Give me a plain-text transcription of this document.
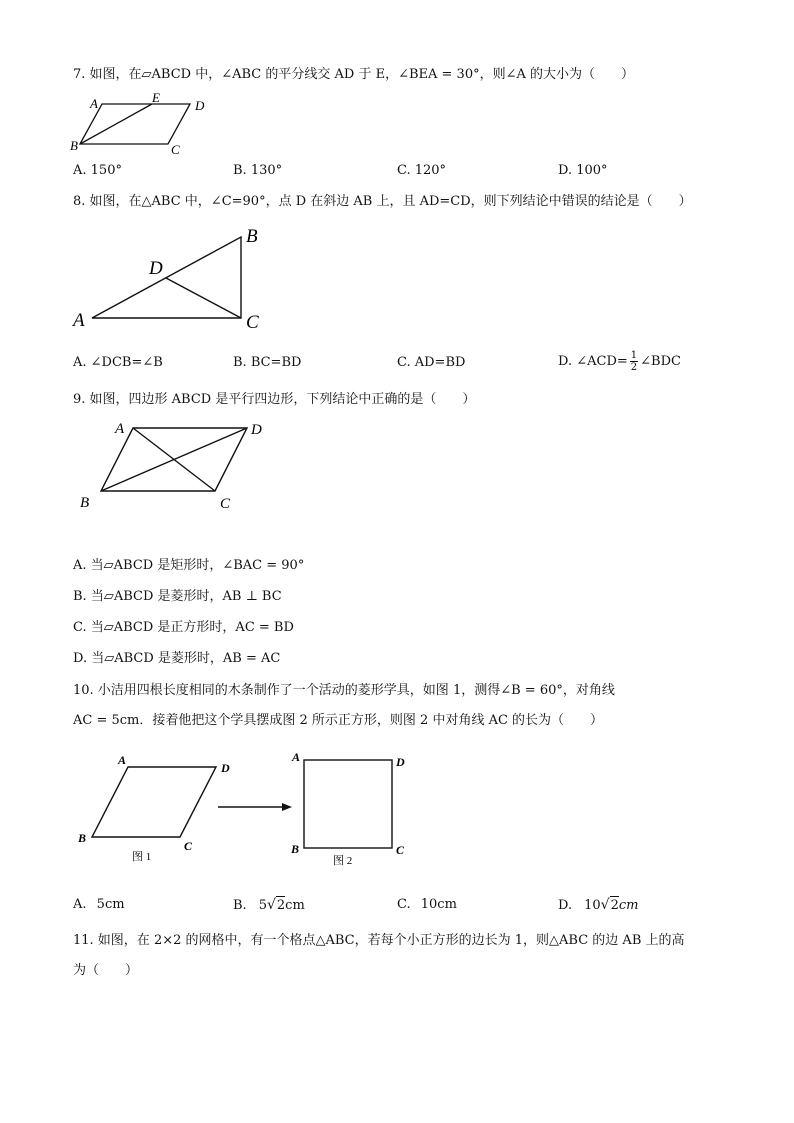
7. 如图，在▱ABCD 中，∠ABC 的平分线交 AD 于 E，∠BEA = 30°，则∠A 的大小为（　　）
A	E
D
B	C
A. 150°	B. 130°	C. 120°	D. 100°
8. 如图，在△ABC 中，∠C=90°，点 D 在斜边 AB 上，且 AD=CD，则下列结论中错误的结论是（　　）
B
D
A	C
A. ∠DCB=∠B	B. BC=BD	C. AD=BD	D. ∠ACD= $\frac{1}{2}$ ∠BDC
9. 如图，四边形 ABCD 是平行四边形，下列结论中正确的是（　　）
A	D
B	C
A. 当▱ABCD 是矩形时，∠BAC = 90°
B. 当▱ABCD 是菱形时，AB ⊥ BC
C. 当▱ABCD 是正方形时，AC = BD
D. 当▱ABCD 是菱形时，AB = AC
10. 小洁用四根长度相同的木条制作了一个活动的菱形学具，如图 1，测得∠B = 60°，对角线
AC = 5cm．接着他把这个学具摆成图 2 所示正方形，则图 2 中对角线 AC 的长为（　　）
A
D
B
C
图 1
A	D
B	C
图 2
A. 5cm	B. 5 √ 2 cm	C. 10cm	D. 10 √ 2 cm
11. 如图，在 2×2 的网格中，有一个格点△ABC，若每个小正方形的边长为 1，则△ABC 的边 AB 上的高
为（　　）
